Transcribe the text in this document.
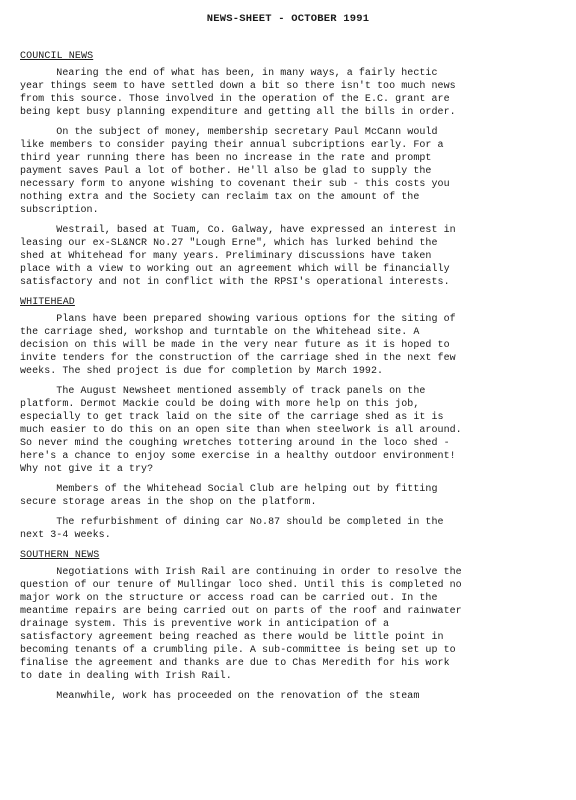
NEWS-SHEET - OCTOBER 1991
COUNCIL NEWS
Nearing the end of what has been, in many ways, a fairly hectic
year things seem to have settled down a bit so there isn't too much news
from this source. Those involved in the operation of the E.C. grant are
being kept busy planning expenditure and getting all the bills in order.
On the subject of money, membership secretary Paul McCann would
like members to consider paying their annual subcriptions early. For a
third year running there has been no increase in the rate and prompt
payment saves Paul a lot of bother. He'll also be glad to supply the
necessary form to anyone wishing to covenant their sub - this costs you
nothing extra and the Society can reclaim tax on the amount of the
subscription.
Westrail, based at Tuam, Co. Galway, have expressed an interest in
leasing our ex-SL&NCR No.27 "Lough Erne", which has lurked behind the
shed at Whitehead for many years. Preliminary discussions have taken
place with a view to working out an agreement which will be financially
satisfactory and not in conflict with the RPSI's operational interests.
WHITEHEAD
Plans have been prepared showing various options for the siting of
the carriage shed, workshop and turntable on the Whitehead site. A
decision on this will be made in the very near future as it is hoped to
invite tenders for the construction of the carriage shed in the next few
weeks. The shed project is due for completion by March 1992.
The August Newsheet mentioned assembly of track panels on the
platform. Dermot Mackie could be doing with more help on this job,
especially to get track laid on the site of the carriage shed as it is
much easier to do this on an open site than when steelwork is all around.
So never mind the coughing wretches tottering around in the loco shed -
here's a chance to enjoy some exercise in a healthy outdoor environment!
Why not give it a try?
Members of the Whitehead Social Club are helping out by fitting
secure storage areas in the shop on the platform.
The refurbishment of dining car No.87 should be completed in the
next 3-4 weeks.
SOUTHERN NEWS
Negotiations with Irish Rail are continuing in order to resolve the
question of our tenure of Mullingar loco shed. Until this is completed no
major work on the structure or access road can be carried out. In the
meantime repairs are being carried out on parts of the roof and rainwater
drainage system. This is preventive work in anticipation of a
satisfactory agreement being reached as there would be little point in
becoming tenants of a crumbling pile. A sub-committee is being set up to
finalise the agreement and thanks are due to Chas Meredith for his work
to date in dealing with Irish Rail.
Meanwhile, work has proceeded on the renovation of the steam
